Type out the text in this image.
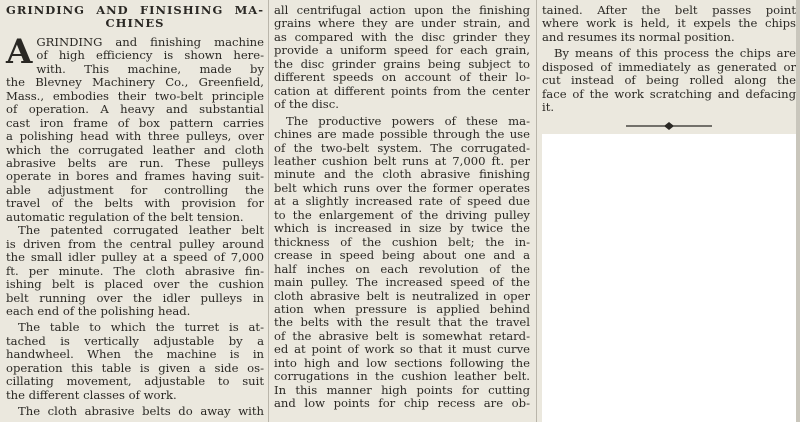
GRINDING AND FINISHING MA-
CHINES
A GRINDING and finishing machine
of high efficiency is shown here-
with. This machine, made by
the Blevney Machinery Co., Greenfield,
Mass., embodies their two-belt principle
of operation. A heavy and substantial
cast iron frame of box pattern carries
a polishing head with three pulleys, over
which the corrugated leather and cloth
abrasive belts are run. These pulleys
operate in bores and frames having suit-
able adjustment for controlling the
travel of the belts with provision for
automatic regulation of the belt tension.
The patented corrugated leather belt
is driven from the central pulley around
the small idler pulley at a speed of 7,000
ft. per minute. The cloth abrasive fin-
ishing belt is placed over the cushion
belt running over the idler pulleys in
each end of the polishing head.
The table to which the turret is at-
tached is vertically adjustable by a
handwheel. When the machine is in
operation this table is given a side os-
cillating movement, adjustable to suit
the different classes of work.
The cloth abrasive belts do away with
all centrifugal action upon the finishing
grains where they are under strain, and
as compared with the disc grinder they
provide a uniform speed for each grain,
the disc grinder grains being subject to
different speeds on account of their lo-
cation at different points from the center
of the disc.
The productive powers of these ma-
chines are made possible through the use
of the two-belt system. The corrugated-
leather cushion belt runs at 7,000 ft. per
minute and the cloth abrasive finishing
belt which runs over the former operates
at a slightly increased rate of speed due
to the enlargement of the driving pulley
which is increased in size by twice the
thickness of the cushion belt; the in-
crease in speed being about one and a
half inches on each revolution of the
main pulley. The increased speed of the
cloth abrasive belt is neutralized in oper
ation when pressure is applied behind
the belts with the result that the travel
of the abrasive belt is somewhat retard-
ed at point of work so that it must curve
into high and low sections following the
corrugations in the cushion leather belt.
In this manner high points for cutting
and low points for chip recess are ob-
tained. After the belt passes point
where work is held, it expels the chips
and resumes its normal position.
By means of this process the chips are
disposed of immediately as generated or
cut instead of being rolled along the
face of the work scratching and defacing
it.
